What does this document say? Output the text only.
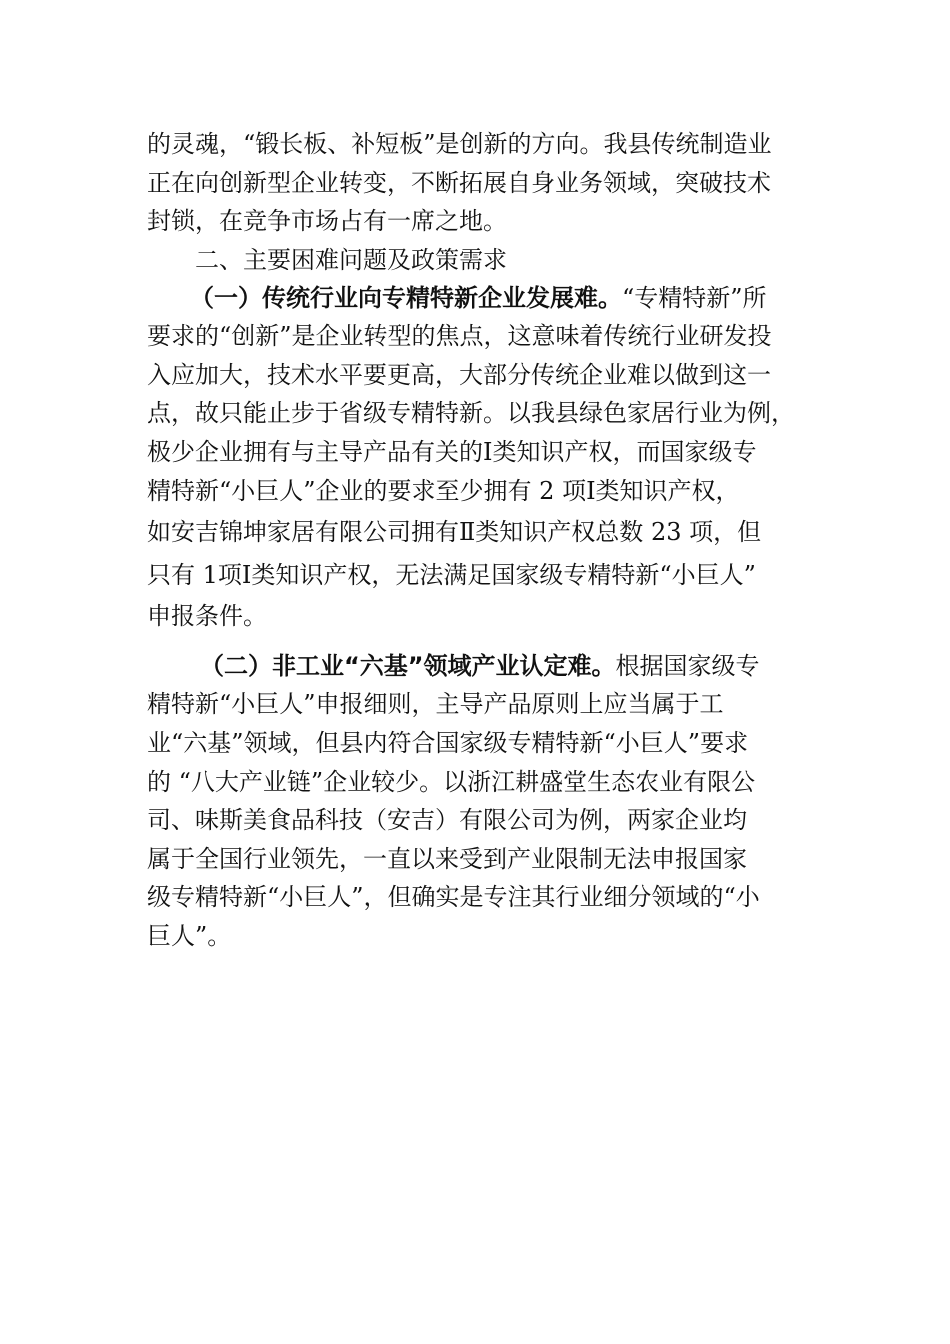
的灵魂，“锻长板、补短板”是创新的方向。我县传统制造业
正在向创新型企业转变，不断拓展自身业务领域，突破技术
封锁，在竞争市场占有一席之地。
二、主要困难问题及政策需求
（一）传统行业向专精特新企业发展难。“专精特新”所
要求的“创新”是企业转型的焦点，这意味着传统行业研发投
入应加大，技术水平要更高，大部分传统企业难以做到这一
点，故只能止步于省级专精特新。以我县绿色家居行业为例，
极少企业拥有与主导产品有关的Ⅰ类知识产权，而国家级专
精特新“小巨人”企业的要求至少拥有 2 项Ⅰ类知识产权，
如安吉锦坤家居有限公司拥有Ⅱ类知识产权总数 23 项，但
只有 1项Ⅰ类知识产权，无法满足国家级专精特新“小巨人”
申报条件。
（二）非工业“六基”领域产业认定难。根据国家级专
精特新“小巨人”申报细则，主导产品原则上应当属于工
业“六基”领域，但县内符合国家级专精特新“小巨人”要求
的 “八大产业链”企业较少。以浙江耕盛堂生态农业有限公
司、味斯美食品科技（安吉）有限公司为例，两家企业均
属于全国行业领先，一直以来受到产业限制无法申报国家
级专精特新“小巨人”，但确实是专注其行业细分领域的“小
巨人”。
